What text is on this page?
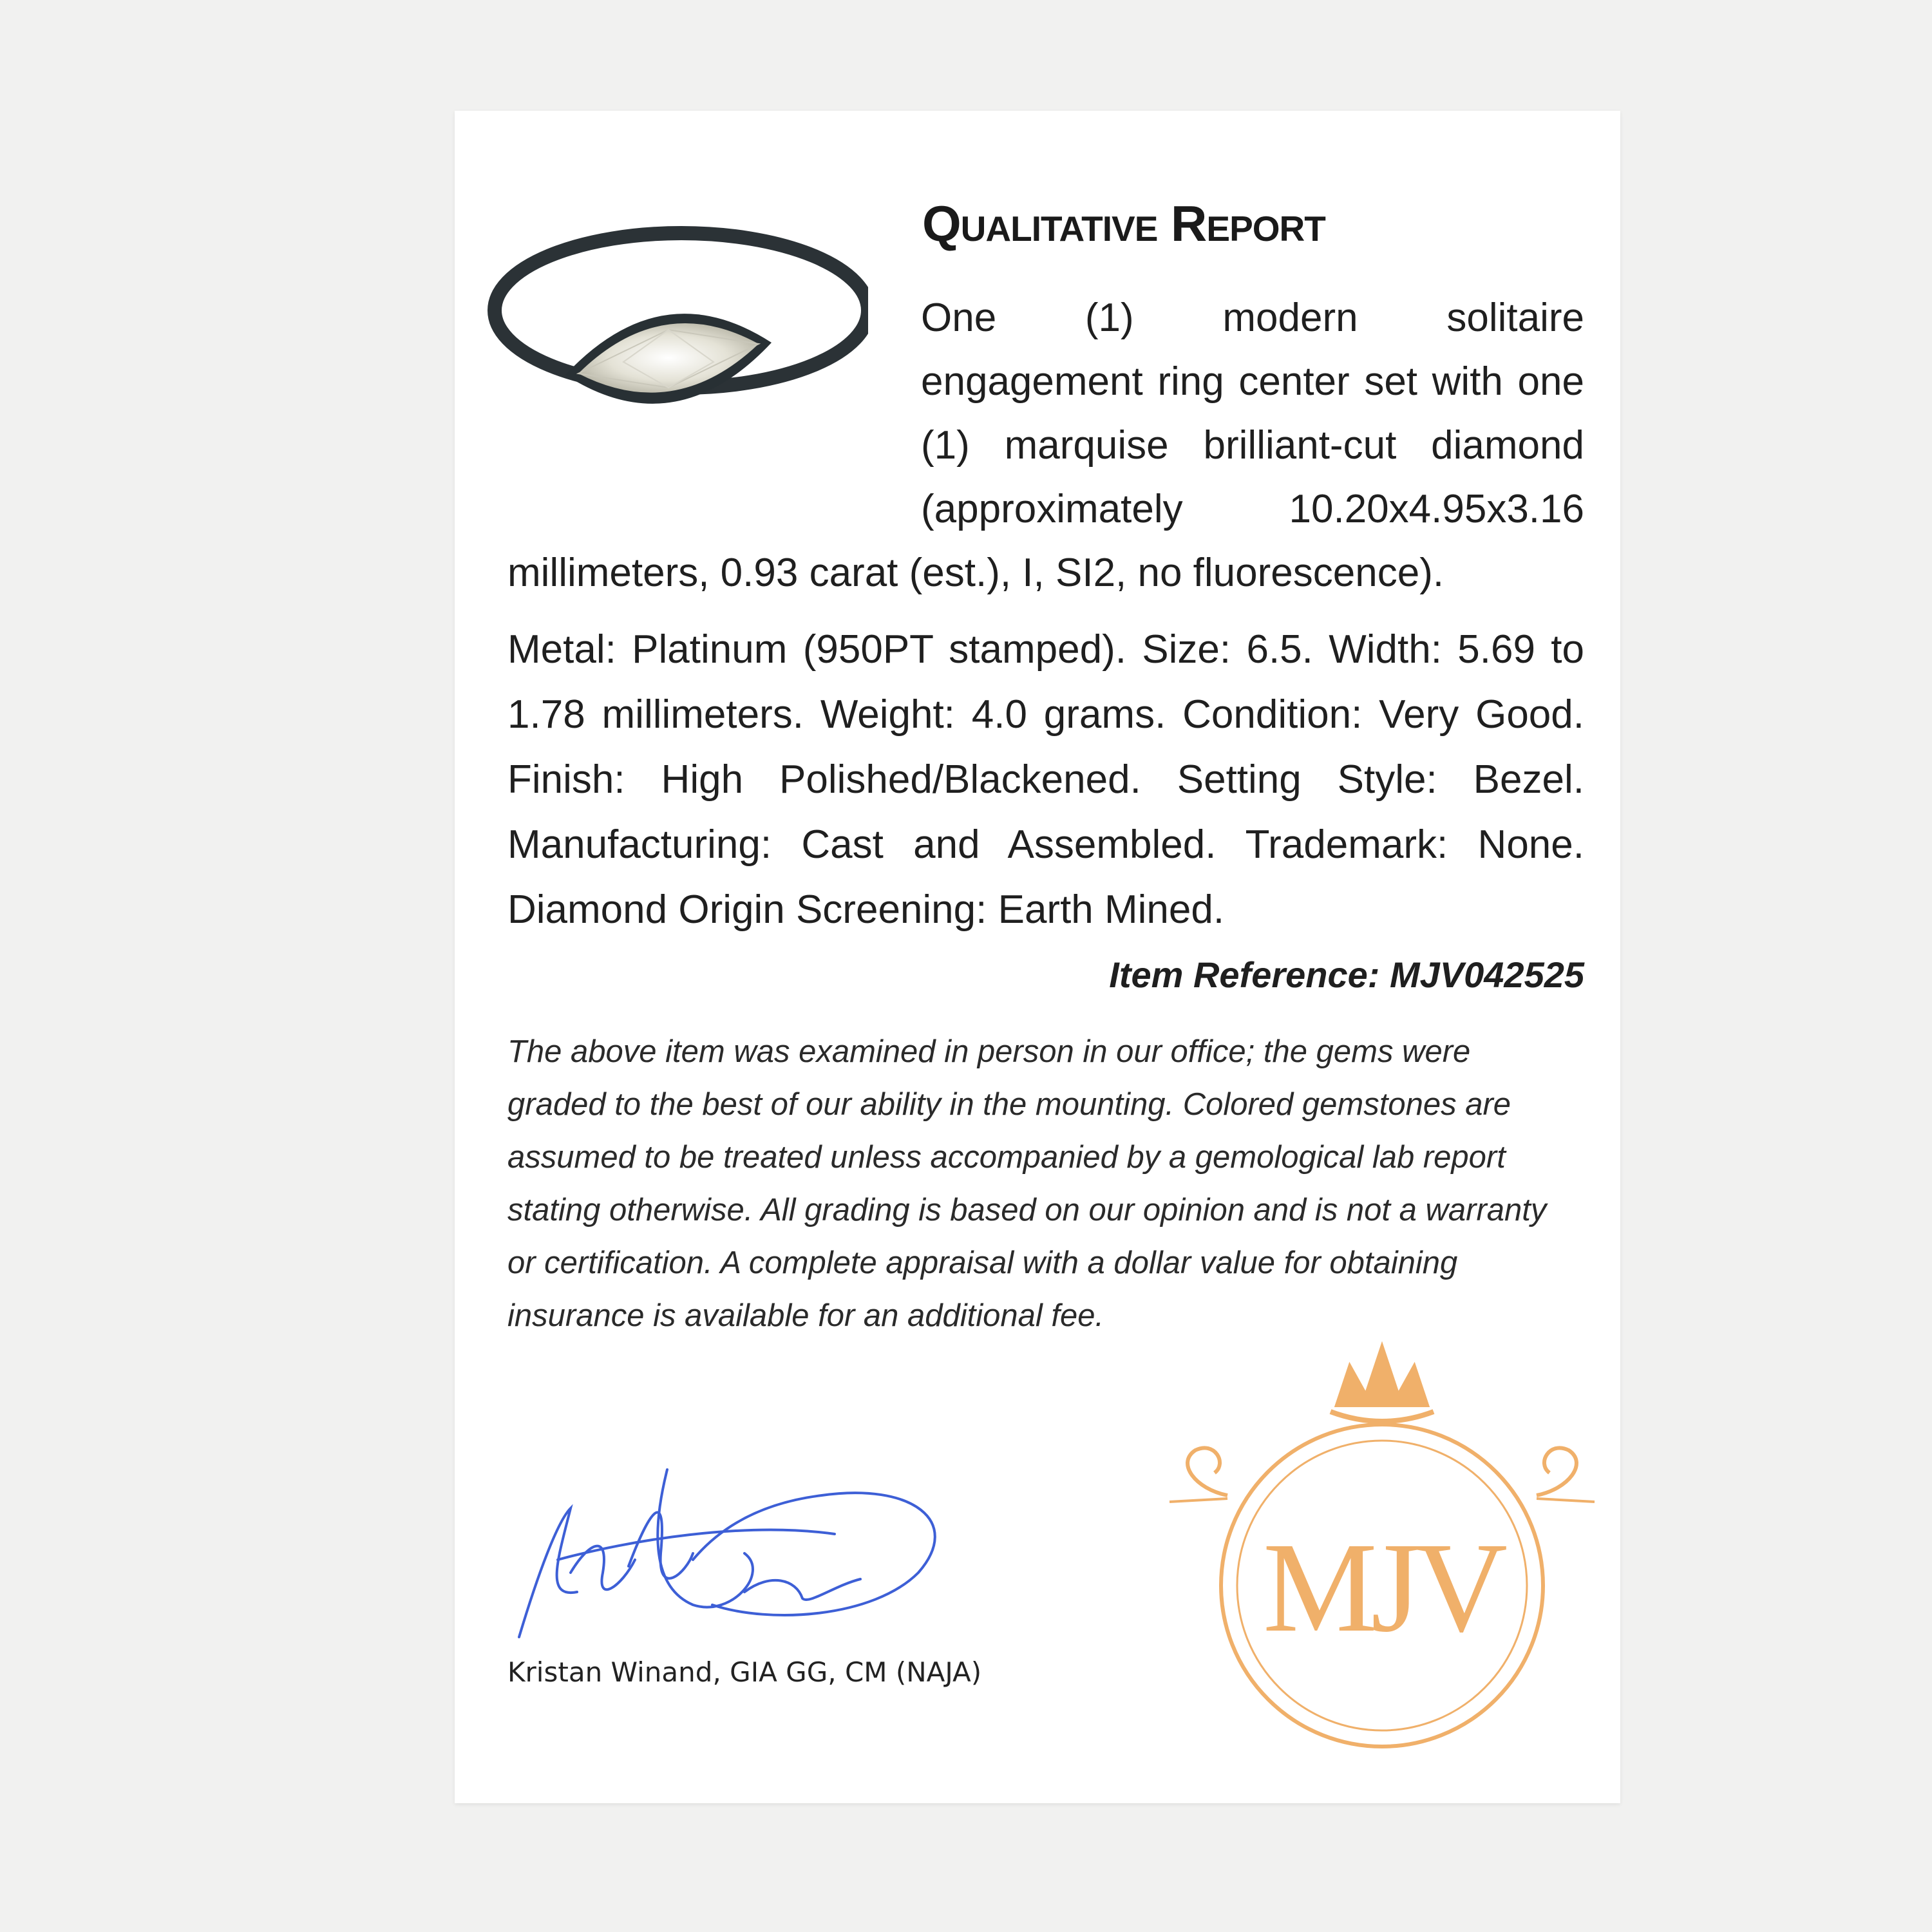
Qualitative Report
One (1) modern solitaire engagement ring center set with one (1) marquise brilliant-cut diamond (approximately 10.20x4.95x3.16 millimeters, 0.93 carat (est.), I, SI2, no fluorescence).
Metal: Platinum (950PT stamped). Size: 6.5. Width: 5.69 to 1.78 millimeters. Weight: 4.0 grams. Condition: Very Good. Finish: High Polished/Blackened. Setting Style: Bezel. Manufacturing: Cast and Assembled. Trademark: None. Diamond Origin Screening: Earth Mined.
Item Reference: MJV042525
The above item was examined in person in our office; the gems were graded to the best of our ability in the mounting. Colored gemstones are assumed to be treated unless accompanied by a gemological lab report stating otherwise. All grading is based on our opinion and is not a warranty or certification. A complete appraisal with a dollar value for obtaining insurance is available for an additional fee.
Kristan Winand, GIA GG, CM (NAJA)
MJV
